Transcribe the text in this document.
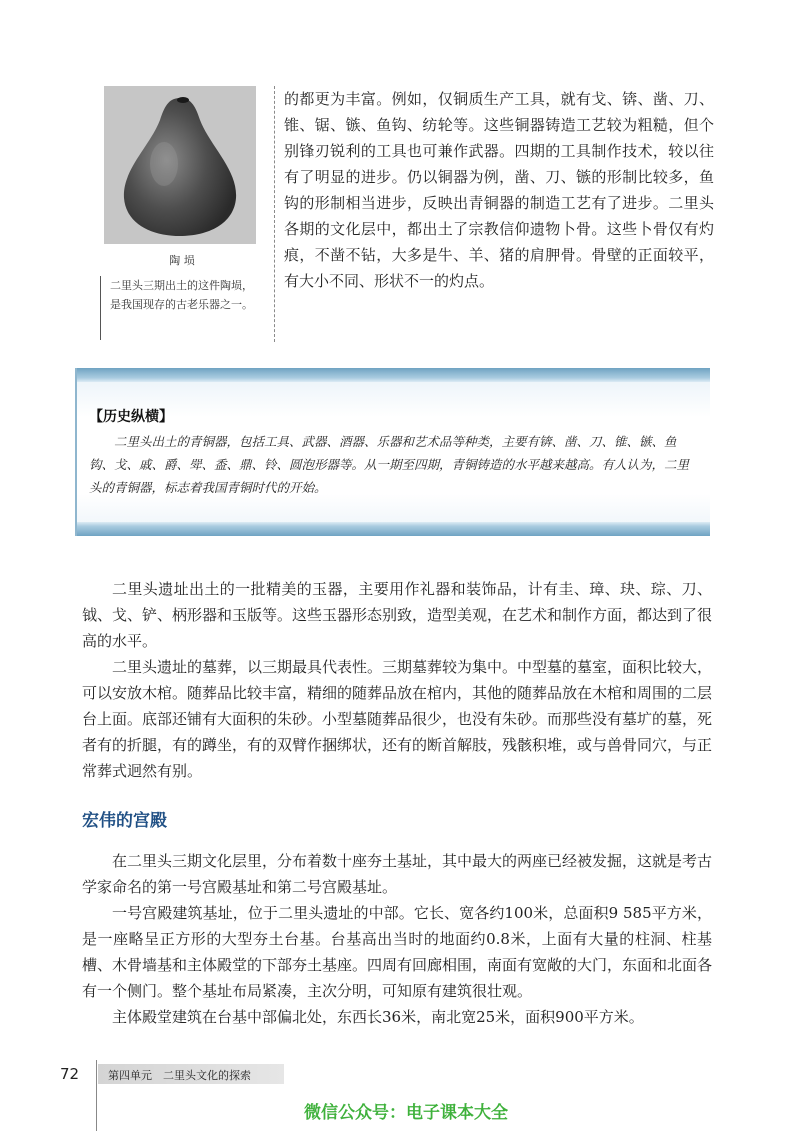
陶 埙
二里头三期出土的这件陶埙，是我国现存的古老乐器之一。
的都更为丰富。例如，仅铜质生产工具，就有戈、锛、凿、刀、锥、锯、镞、鱼钩、纺轮等。这些铜器铸造工艺较为粗糙，但个别锋刃锐利的工具也可兼作武器。四期的工具制作技术，较以往有了明显的进步。仍以铜器为例，凿、刀、镞的形制比较多，鱼钩的形制相当进步，反映出青铜器的制造工艺有了进步。二里头各期的文化层中，都出土了宗教信仰遗物卜骨。这些卜骨仅有灼痕，不凿不钻，大多是牛、羊、猪的肩胛骨。骨壁的正面较平，有大小不同、形状不一的灼点。
【历史纵横】
二里头出土的青铜器，包括工具、武器、酒器、乐器和艺术品等种类，主要有锛、凿、刀、锥、镞、鱼钩、戈、戚、爵、斝、盉、鼎、铃、圆泡形器等。从一期至四期，青铜铸造的水平越来越高。有人认为，二里头的青铜器，标志着我国青铜时代的开始。

二里头遗址出土的一批精美的玉器，主要用作礼器和装饰品，计有圭、璋、玦、琮、刀、钺、戈、铲、柄形器和玉版等。这些玉器形态别致，造型美观，在艺术和制作方面，都达到了很高的水平。

二里头遗址的墓葬，以三期最具代表性。三期墓葬较为集中。中型墓的墓室，面积比较大，可以安放木棺。随葬品比较丰富，精细的随葬品放在棺内，其他的随葬品放在木棺和周围的二层台上面。底部还铺有大面积的朱砂。小型墓随葬品很少，也没有朱砂。而那些没有墓圹的墓，死者有的折腿，有的蹲坐，有的双臂作捆绑状，还有的断首解肢，残骸积堆，或与兽骨同穴，与正常葬式迥然有别。

宏伟的宫殿

在二里头三期文化层里，分布着数十座夯土基址，其中最大的两座已经被发掘，这就是考古学家命名的第一号宫殿基址和第二号宫殿基址。

一号宫殿建筑基址，位于二里头遗址的中部。它长、宽各约100米，总面积9 585平方米，是一座略呈正方形的大型夯土台基。台基高出当时的地面约0.8米，上面有大量的柱洞、柱基槽、木骨墙基和主体殿堂的下部夯土基座。四周有回廊相围，南面有宽敞的大门，东面和北面各有一个侧门。整个基址布局紧凑，主次分明，可知原有建筑很壮观。

主体殿堂建筑在台基中部偏北处，东西长36米，南北宽25米，面积900平方米。

72	第四单元　二里头文化的探索
微信公众号：电子课本大全
